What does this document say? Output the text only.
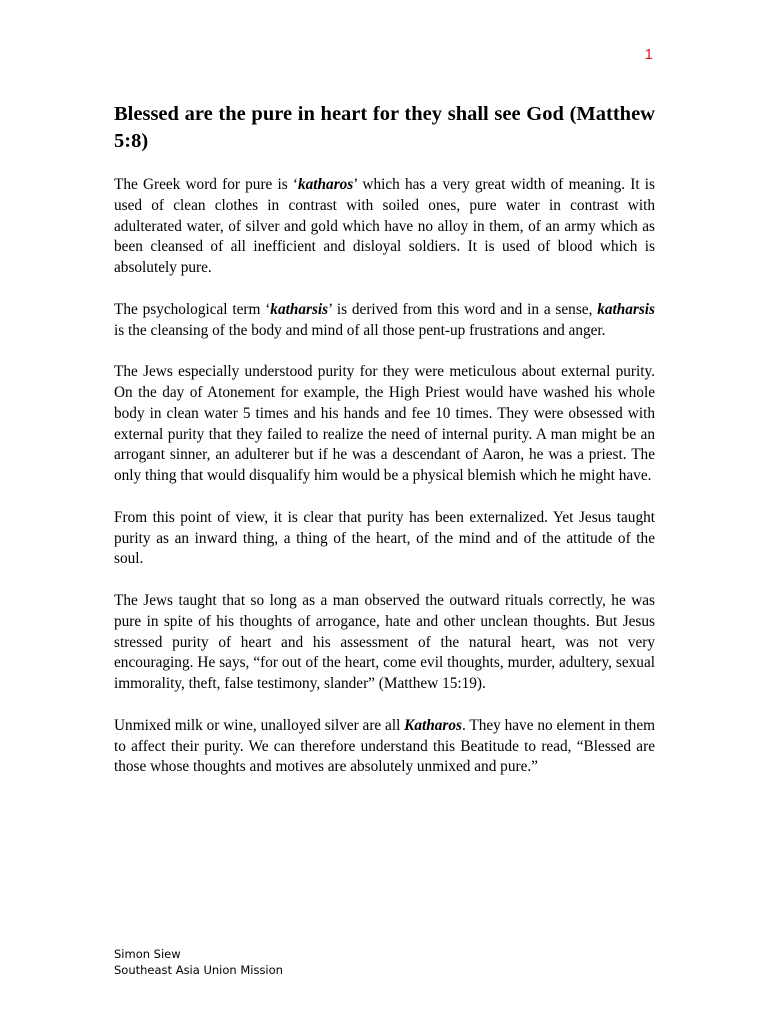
1
Blessed are the pure in heart for they shall see God (Matthew 5:8)

The Greek word for pure is ‘katharos’ which has a very great width of meaning. It is used of clean clothes in contrast with soiled ones, pure water in contrast with adulterated water, of silver and gold which have no alloy in them, of an army which as been cleansed of all inefficient and disloyal soldiers. It is used of blood which is absolutely pure.

The psychological term ‘katharsis’ is derived from this word and in a sense, katharsis is the cleansing of the body and mind of all those pent-up frustrations and anger.

The Jews especially understood purity for they were meticulous about external purity. On the day of Atonement for example, the High Priest would have washed his whole body in clean water 5 times and his hands and fee 10 times. They were obsessed with external purity that they failed to realize the need of internal purity. A man might be an arrogant sinner, an adulterer but if he was a descendant of Aaron, he was a priest. The only thing that would disqualify him would be a physical blemish which he might have.

From this point of view, it is clear that purity has been externalized. Yet Jesus taught purity as an inward thing, a thing of the heart, of the mind and of the attitude of the soul.

The Jews taught that so long as a man observed the outward rituals correctly, he was pure in spite of his thoughts of arrogance, hate and other unclean thoughts. But Jesus stressed purity of heart and his assessment of the natural heart, was not very encouraging. He says, “for out of the heart, come evil thoughts, murder, adultery, sexual immorality, theft, false testimony, slander” (Matthew 15:19).

Unmixed milk or wine, unalloyed silver are all Katharos. They have no element in them to affect their purity. We can therefore understand this Beatitude to read, “Blessed are those whose thoughts and motives are absolutely unmixed and pure.”

Simon Siew
Southeast Asia Union Mission
